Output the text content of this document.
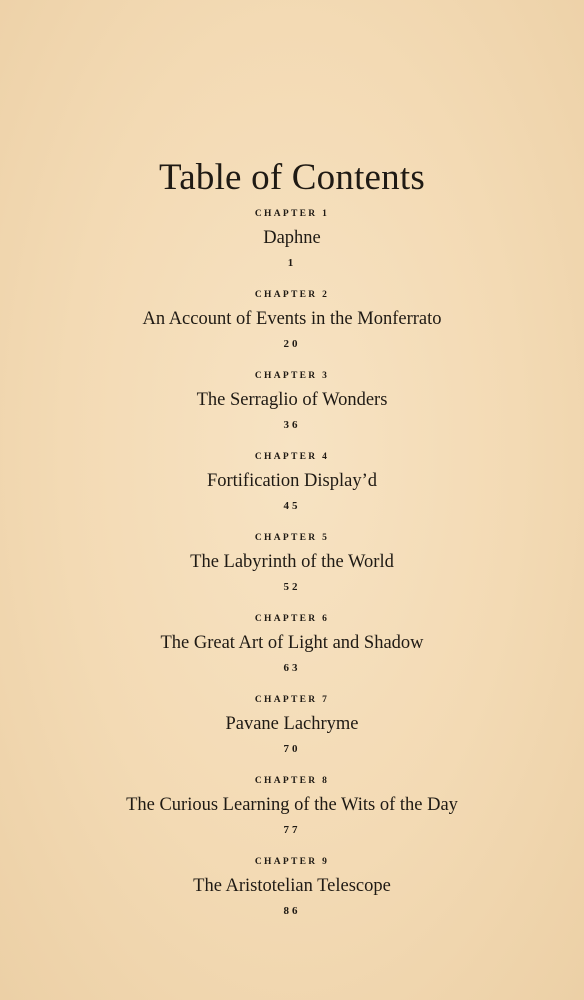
Table of Contents
CHAPTER 1
Daphne
1
CHAPTER 2
An Account of Events in the Monferrato
20
CHAPTER 3
The Serraglio of Wonders
36
CHAPTER 4
Fortification Display’d
45
CHAPTER 5
The Labyrinth of the World
52
CHAPTER 6
The Great Art of Light and Shadow
63
CHAPTER 7
Pavane Lachryme
70
CHAPTER 8
The Curious Learning of the Wits of the Day
77
CHAPTER 9
The Aristotelian Telescope
86
